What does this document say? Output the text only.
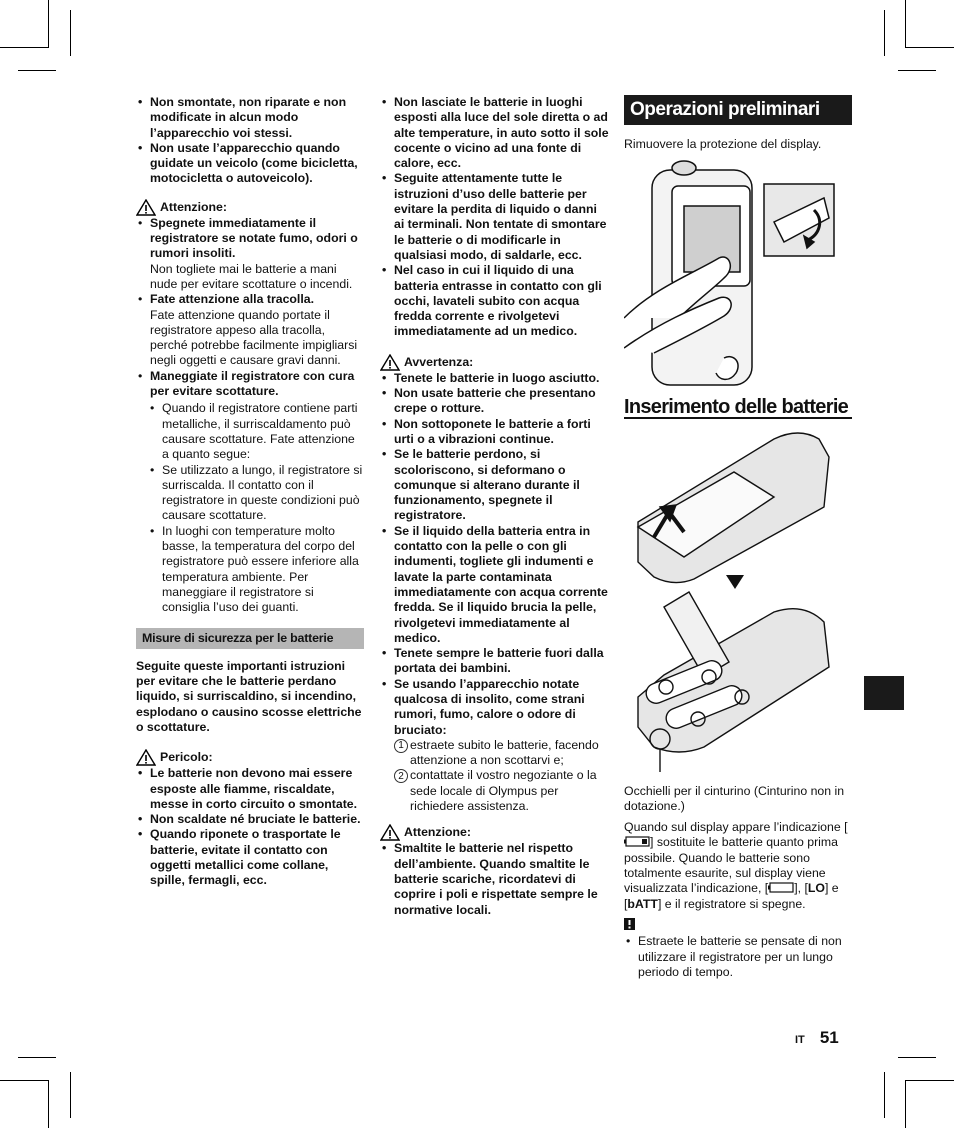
• Non smontate, non riparate e non modificate in alcun modo l’apparecchio voi stessi.
• Non usate l’apparecchio quando guidate un veicolo (come bicicletta, motocicletta o autoveicolo).
Attenzione:
• Spegnete immediatamente il registratore se notate fumo, odori o rumori insoliti.
Non togliete mai le batterie a mani nude per evitare scottature o incendi.
• Fate attenzione alla tracolla.
Fate attenzione quando portate il registratore appeso alla tracolla, perché potrebbe facilmente impigliarsi negli oggetti e causare gravi danni.
• Maneggiate il registratore con cura per evitare scottature.
• Quando il registratore contiene parti metalliche, il surriscaldamento può causare scottature. Fate attenzione a quanto segue:
• Se utilizzato a lungo, il registratore si surriscalda. Il contatto con il registratore in queste condizioni può causare scottature.
• In luoghi con temperature molto basse, la temperatura del corpo del registratore può essere inferiore alla temperatura ambiente. Per maneggiare il registratore si consiglia l’uso dei guanti.
Misure di sicurezza per le batterie

Seguite queste importanti istruzioni per evitare che le batterie perdano liquido, si surriscaldino, si incendino, esplodano o causino scosse elettriche o scottature.

Pericolo:
• Le batterie non devono mai essere esposte alle fiamme, riscaldate, messe in corto circuito o smontate.
• Non scaldate né bruciate le batterie.
• Quando riponete o trasportate le batterie, evitate il contatto con oggetti metallici come collane, spille, fermagli, ecc.
• Non lasciate le batterie in luoghi esposti alla luce del sole diretta o ad alte temperature, in auto sotto il sole cocente o vicino ad una fonte di calore, ecc.
• Seguite attentamente tutte le istruzioni d’uso delle batterie per evitare la perdita di liquido o danni ai terminali. Non tentate di smontare le batterie o di modificarle in qualsiasi modo, di saldarle, ecc.
• Nel caso in cui il liquido di una batteria entrasse in contatto con gli occhi, lavateli subito con acqua fredda corrente e rivolgetevi immediatamente ad un medico.
Avvertenza:
• Tenete le batterie in luogo asciutto.
• Non usate batterie che presentano crepe o rotture.
• Non sottoponete le batterie a forti urti o a vibrazioni continue.
• Se le batterie perdono, si scoloriscono, si deformano o comunque si alterano durante il funzionamento, spegnete il registratore.
• Se il liquido della batteria entra in contatto con la pelle o con gli indumenti, togliete gli indumenti e lavate la parte contaminata immediatamente con acqua corrente fredda. Se il liquido brucia la pelle, rivolgetevi immediatamente al medico.
• Tenete sempre le batterie fuori dalla portata dei bambini.
• Se usando l’apparecchio notate qualcosa di insolito, come strani rumori, fumo, calore o odore di bruciato:
1 estraete subito le batterie, facendo attenzione a non scottarvi e;
2 contattate il vostro negoziante o la sede locale di Olympus per richiedere assistenza.
Attenzione:
• Smaltite le batterie nel rispetto dell’ambiente. Quando smaltite le batterie scariche, ricordatevi di coprire i poli e rispettate sempre le normative locali.
Operazioni preliminari

Rimuovere la protezione del display.

Inserimento delle batterie

Occhielli per il cinturino (Cinturino non in dotazione.)

Quando sul display appare l’indicazione [] sostituite le batterie quanto prima possibile. Quando le batterie sono totalmente esaurite, sul display viene visualizzata l’indicazione, [ ], [LO] e [bATT] e il registratore si spegne.

• Estraete le batterie se pensate di non utilizzare il registratore per un lungo periodo di tempo.
IT 51
